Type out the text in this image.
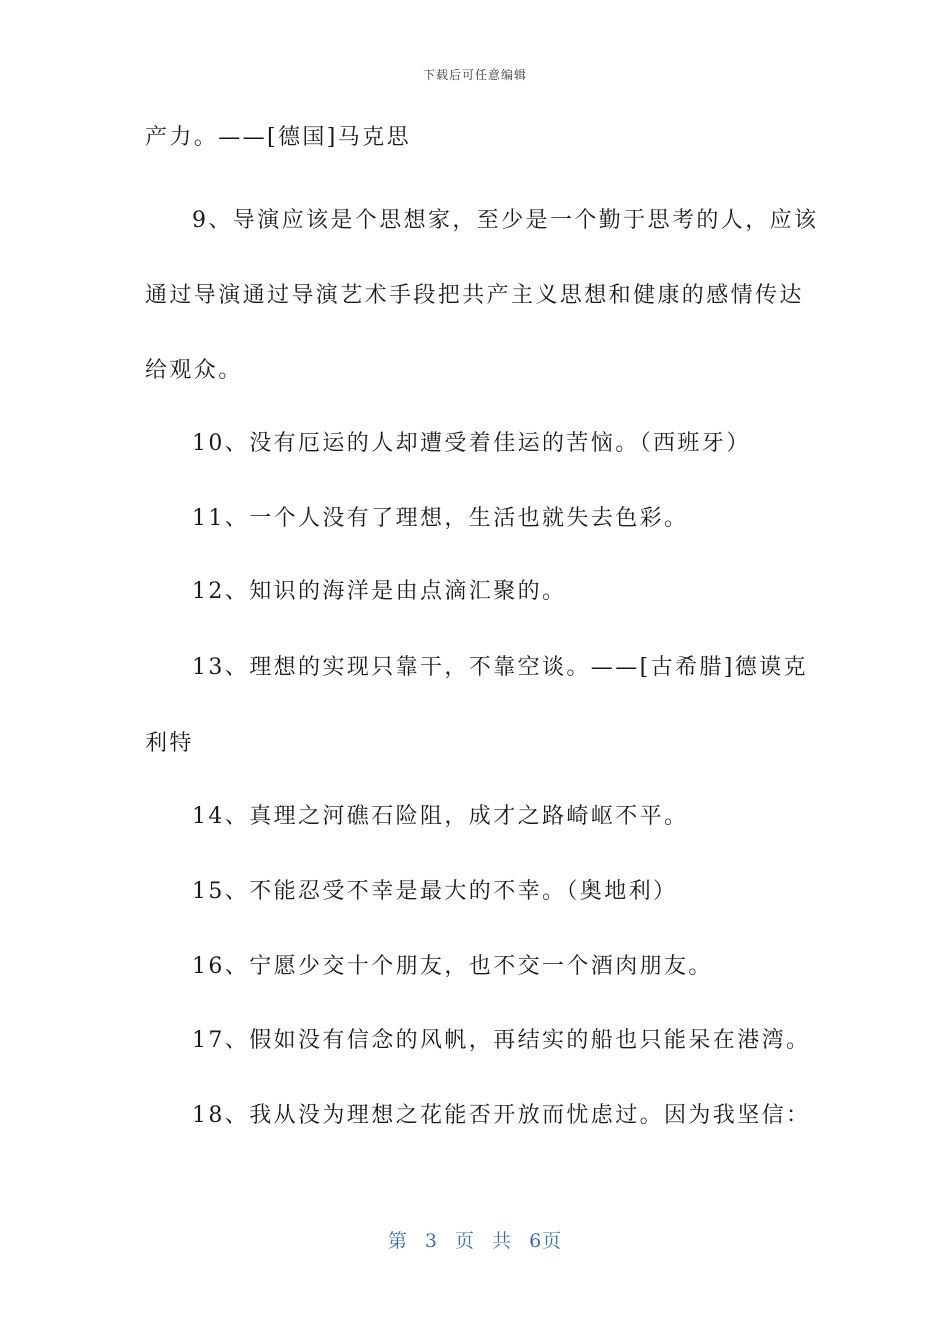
下载后可任意编辑
产力。——[德国]马克思
9、导演应该是个思想家，至少是一个勤于思考的人，应该
通过导演通过导演艺术手段把共产主义思想和健康的感情传达
给观众。
10、没有厄运的人却遭受着佳运的苦恼。（西班牙）
11、一个人没有了理想，生活也就失去色彩。
12、知识的海洋是由点滴汇聚的。
13、理想的实现只靠干，不靠空谈。——[古希腊]德谟克
利特
14、真理之河礁石险阻，成才之路崎岖不平。
15、不能忍受不幸是最大的不幸。（奥地利）
16、宁愿少交十个朋友，也不交一个酒肉朋友。
17、假如没有信念的风帆，再结实的船也只能呆在港湾。
18、我从没为理想之花能否开放而忧虑过。因为我坚信：
第 3 页 共 6页
